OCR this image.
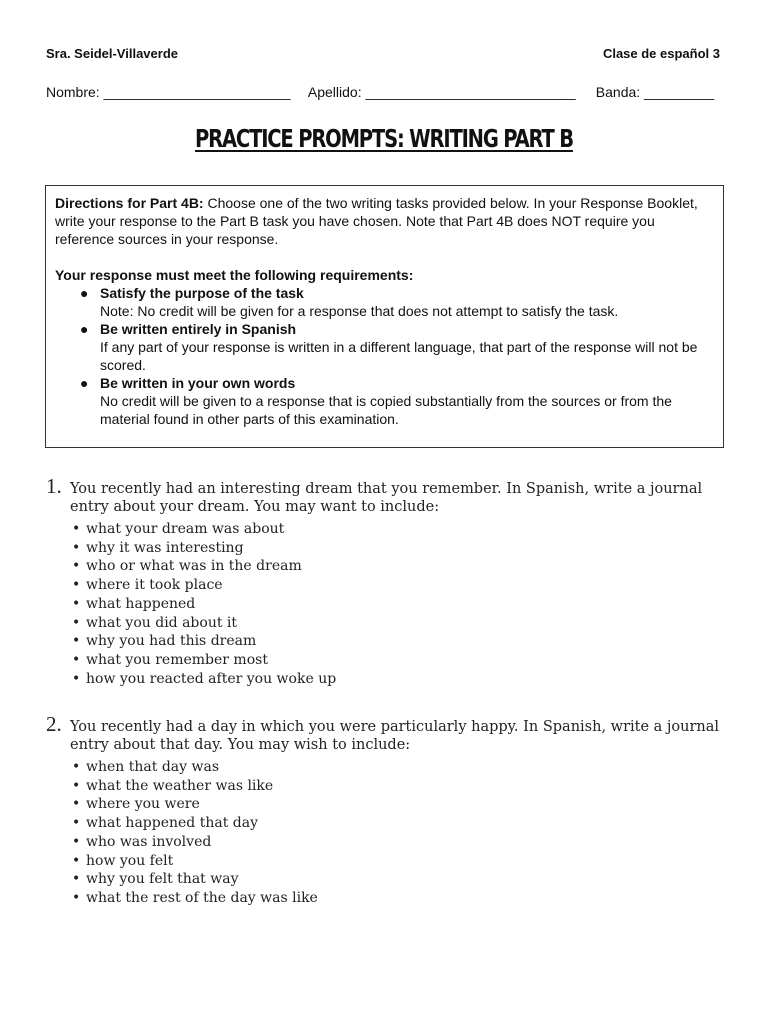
Sra. Seidel-Villaverde	Clase de español 3
Nombre: ________________________ Apellido: ___________________________ Banda: _________
PRACTICE PROMPTS: WRITING PART B

Directions for Part 4B: Choose one of the two writing tasks provided below. In your Response Booklet, write your response to the Part B task you have chosen. Note that Part 4B does NOT require you reference sources in your response.

Your response must meet the following requirements:

● Satisfy the purpose of the task
Note: No credit will be given for a response that does not attempt to satisfy the task.
● Be written entirely in Spanish
If any part of your response is written in a different language, that part of the response will not be scored.
● Be written in your own words
No credit will be given to a response that is copied substantially from the sources or from the material found in other parts of this examination.
1. You recently had an interesting dream that you remember. In Spanish, write a journal entry about your dream. You may want to include:
• what your dream was about
• why it was interesting
• who or what was in the dream
• where it took place
• what happened
• what you did about it
• why you had this dream
• what you remember most
• how you reacted after you woke up
2. You recently had a day in which you were particularly happy. In Spanish, write a journal entry about that day. You may wish to include:
• when that day was
• what the weather was like
• where you were
• what happened that day
• who was involved
• how you felt
• why you felt that way
• what the rest of the day was like
